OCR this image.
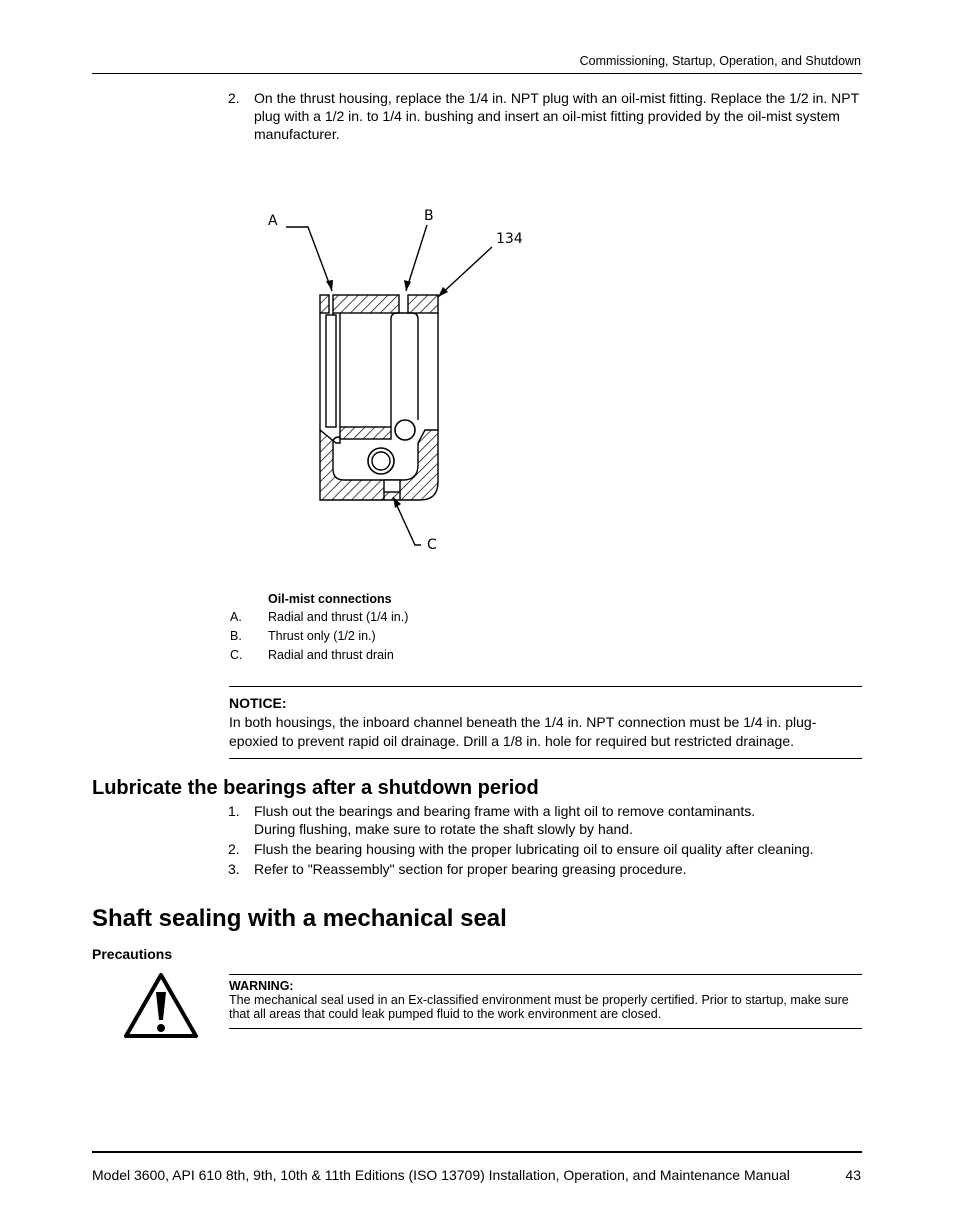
Commissioning, Startup, Operation, and Shutdown
2. On the thrust housing, replace the 1/4 in. NPT plug with an oil-mist fitting. Replace the 1/2 in. NPT plug with a 1/2 in. to 1/4 in. bushing and insert an oil-mist fitting provided by the oil-mist system manufacturer.
A	B
134
C
Oil-mist connections
A.	Radial and thrust (1/4 in.)
B.	Thrust only (1/2 in.)
C.	Radial and thrust drain
NOTICE:
In both housings, the inboard channel beneath the 1/4 in. NPT connection must be 1/4 in. plug-epoxied to prevent rapid oil drainage. Drill a 1/8 in. hole for required but restricted drainage.
Lubricate the bearings after a shutdown period
1. Flush out the bearings and bearing frame with a light oil to remove contaminants.
During flushing, make sure to rotate the shaft slowly by hand.
2. Flush the bearing housing with the proper lubricating oil to ensure oil quality after cleaning.
3. Refer to "Reassembly" section for proper bearing greasing procedure.
Shaft sealing with a mechanical seal
Precautions
WARNING:
The mechanical seal used in an Ex-classified environment must be properly certified. Prior to startup, make sure that all areas that could leak pumped fluid to the work environment are closed.
Model 3600, API 610 8th, 9th, 10th & 11th Editions (ISO 13709) Installation, Operation, and Maintenance Manual	43
